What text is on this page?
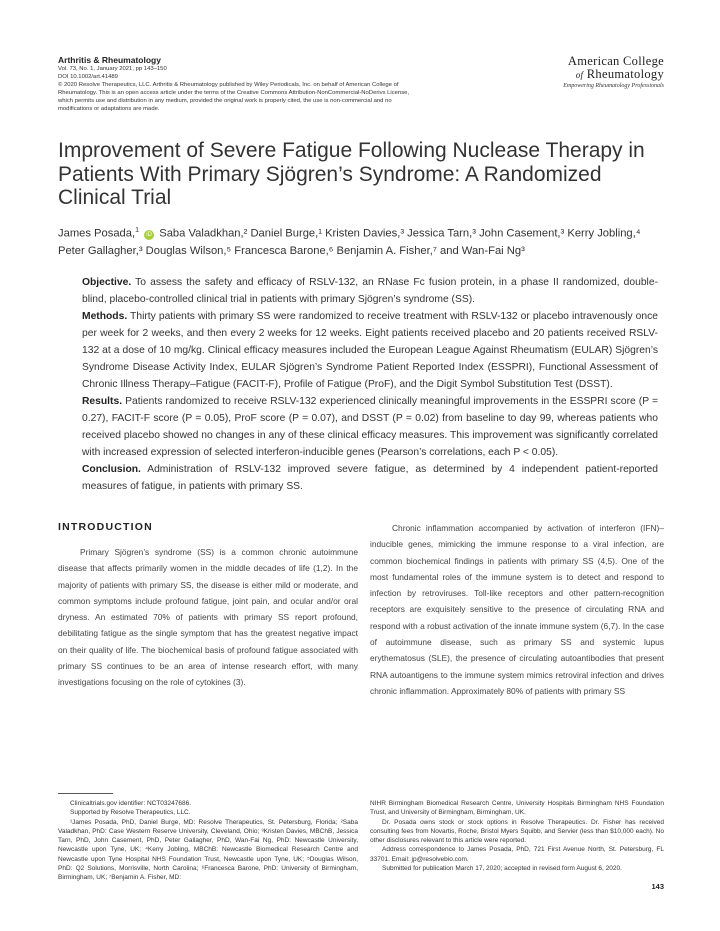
Arthritis & Rheumatology
Vol. 73, No. 1, January 2021, pp 143–150
DOI 10.1002/art.41489
© 2020 Resolve Therapeutics, LLC. Arthritis & Rheumatology published by Wiley Periodicals, Inc. on behalf of American College of
Rheumatology. This is an open access article under the terms of the Creative Commons Attribution-NonCommercial-NoDerivs License,
which permits use and distribution in any medium, provided the original work is properly cited, the use is non-commercial and no
modifications or adaptations are made.
American College
of Rheumatology
Empowering Rheumatology Professionals
Improvement of Severe Fatigue Following Nuclease Therapy in Patients With Primary Sjögren’s Syndrome: A Randomized Clinical Trial
James Posada,$^1$ iD Saba Valadkhan,² Daniel Burge,¹ Kristen Davies,³ Jessica Tarn,³ John Casement,³ Kerry Jobling,⁴ Peter Gallagher,³ Douglas Wilson,⁵ Francesca Barone,⁶ Benjamin A. Fisher,⁷ and Wan-Fai Ng³

Objective. To assess the safety and efficacy of RSLV-132, an RNase Fc fusion protein, in a phase II randomized, double-blind, placebo-controlled clinical trial in patients with primary Sjögren’s syndrome (SS).

Methods. Thirty patients with primary SS were randomized to receive treatment with RSLV-132 or placebo intravenously once per week for 2 weeks, and then every 2 weeks for 12 weeks. Eight patients received placebo and 20 patients received RSLV-132 at a dose of 10 mg/kg. Clinical efficacy measures included the European League Against Rheumatism (EULAR) Sjögren’s Syndrome Disease Activity Index, EULAR Sjögren’s Syndrome Patient Reported Index (ESSPRI), Functional Assessment of Chronic Illness Therapy–Fatigue (FACIT-F), Profile of Fatigue (ProF), and the Digit Symbol Substitution Test (DSST).

Results. Patients randomized to receive RSLV-132 experienced clinically meaningful improvements in the ESSPRI score (P = 0.27), FACIT-F score (P = 0.05), ProF score (P = 0.07), and DSST (P = 0.02) from baseline to day 99, whereas patients who received placebo showed no changes in any of these clinical efficacy measures. This improvement was significantly correlated with increased expression of selected interferon-inducible genes (Pearson’s correlations, each P < 0.05).

Conclusion. Administration of RSLV-132 improved severe fatigue, as determined by 4 independent patient-reported measures of fatigue, in patients with primary SS.

INTRODUCTION

Primary Sjögren’s syndrome (SS) is a common chronic autoimmune disease that affects primarily women in the middle decades of life (1,2). In the majority of patients with primary SS, the disease is either mild or moderate, and common symptoms include profound fatigue, joint pain, and ocular and/or oral dryness. An estimated 70% of patients with primary SS report profound, debilitating fatigue as the single symptom that has the greatest negative impact on their quality of life. The biochemical basis of profound fatigue associated with primary SS continues to be an area of intense research effort, with many investigations focusing on the role of cytokines (3).

Chronic inflammation accompanied by activation of interferon (IFN)–inducible genes, mimicking the immune response to a viral infection, are common biochemical findings in patients with primary SS (4,5). One of the most fundamental roles of the immune system is to detect and respond to infection by retroviruses. Toll-like receptors and other pattern-recognition receptors are exquisitely sensitive to the presence of circulating RNA and respond with a robust activation of the innate immune system (6,7). In the case of autoimmune disease, such as primary SS and systemic lupus erythematosus (SLE), the presence of circulating autoantibodies that present RNA autoantigens to the immune system mimics retroviral infection and drives chronic inflammation. Approximately 80% of patients with primary SS

Clinicaltrials.gov identifier: NCT03247686.

Supported by Resolve Therapeutics, LLC.

¹James Posada, PhD, Daniel Burge, MD: Resolve Therapeutics, St. Petersburg, Florida; ²Saba Valadkhan, PhD: Case Western Reserve University, Cleveland, Ohio; ³Kristen Davies, MBChB, Jessica Tarn, PhD, John Casement, PhD, Peter Gallagher, PhD, Wan-Fai Ng, PhD: Newcastle University, Newcastle upon Tyne, UK; ⁴Kerry Jobling, MBChB: Newcastle Biomedical Research Centre and Newcastle upon Tyne Hospital NHS Foundation Trust, Newcastle upon Tyne, UK; ⁵Douglas Wilson, PhD: Q2 Solutions, Morrisville, North Carolina; ⁶Francesca Barone, PhD: University of Birmingham, Birmingham, UK; ⁷Benjamin A. Fisher, MD:

NIHR Birmingham Biomedical Research Centre, University Hospitals Birmingham NHS Foundation Trust, and University of Birmingham, Birmingham, UK.

Dr. Posada owns stock or stock options in Resolve Therapeutics. Dr. Fisher has received consulting fees from Novartis, Roche, Bristol Myers Squibb, and Servier (less than $10,000 each). No other disclosures relevant to this article were reported.

Address correspondence to James Posada, PhD, 721 First Avenue North, St. Petersburg, FL 33701. Email: jp@resolvebio.com.

Submitted for publication March 17, 2020; accepted in revised form August 6, 2020.

143
